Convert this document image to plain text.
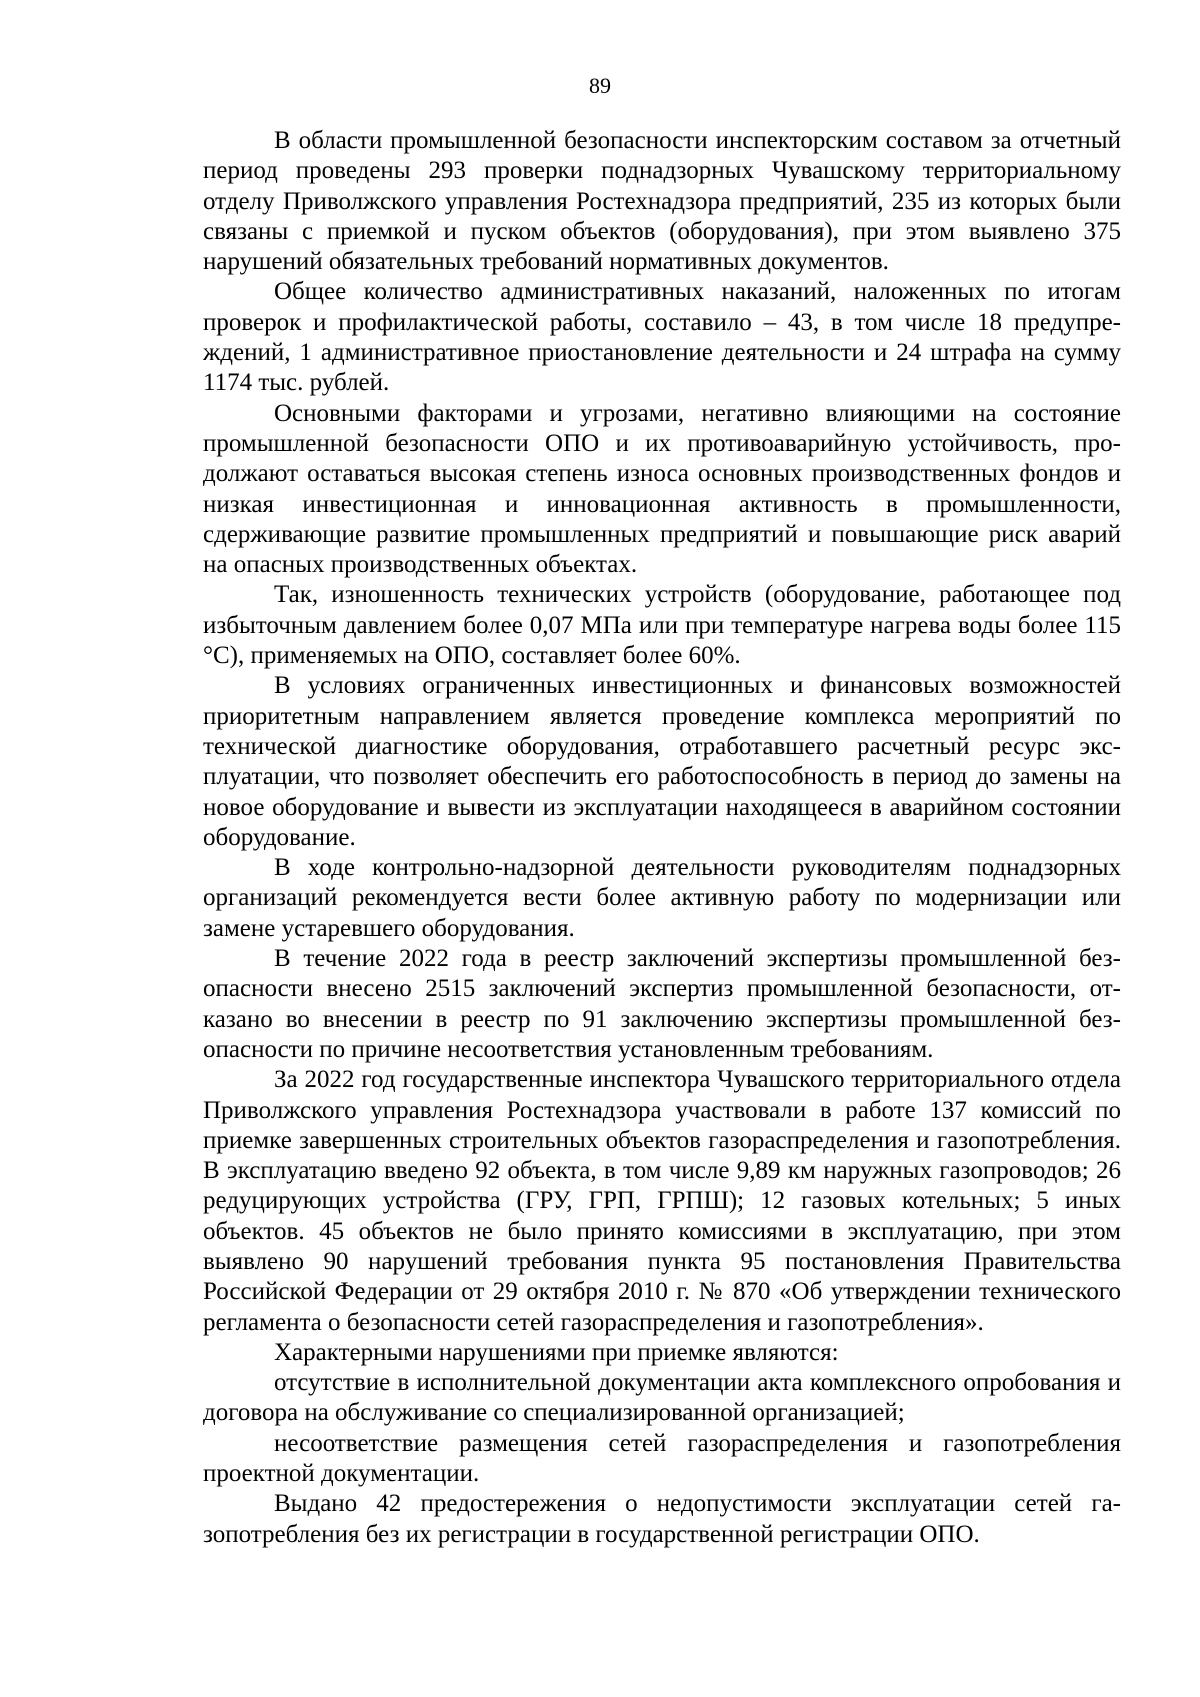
89

В области промышленной безопасности инспекторским составом за отчетный период проведены 293 проверки поднадзорных Чувашскому территориальному отделу Приволжского управления Ростехнадзора предприятий, 235 из которых были связаны с приемкой и пуском объектов (оборудования), при этом выявлено 375 нарушений обязательных требований нормативных документов.

Общее количество административных наказаний, наложенных по итогам проверок и профилактической работы, составило – 43, в том числе 18 предупреждений, 1 административное приостановление деятельности и 24 штрафа на сумму 1174 тыс. рублей.

Основными факторами и угрозами, негативно влияющими на состояние промышленной безопасности ОПО и их противоаварийную устойчивость, продолжают оставаться высокая степень износа основных производственных фондов и низкая инвестиционная и инновационная активность в промышленности, сдерживающие развитие промышленных предприятий и повышающие риск аварий на опасных производственных объектах.

Так, изношенность технических устройств (оборудование, работающее под избыточным давлением более 0,07 МПа или при температуре нагрева воды более 115 °С), применяемых на ОПО, составляет более 60%.

В условиях ограниченных инвестиционных и финансовых возможностей приоритетным направлением является проведение комплекса мероприятий по технической диагностике оборудования, отработавшего расчетный ресурс эксплуатации, что позволяет обеспечить его работоспособность в период до замены на новое оборудование и вывести из эксплуатации находящееся в аварийном состоянии оборудование.

В ходе контрольно-надзорной деятельности руководителям поднадзорных организаций рекомендуется вести более активную работу по модернизации или замене устаревшего оборудования.

В течение 2022 года в реестр заключений экспертизы промышленной безопасности внесено 2515 заключений экспертиз промышленной безопасности, отказано во внесении в реестр по 91 заключению экспертизы промышленной безопасности по причине несоответствия установленным требованиям.

За 2022 год государственные инспектора Чувашского территориального отдела Приволжского управления Ростехнадзора участвовали в работе 137 комиссий по приемке завершенных строительных объектов газораспределения и газопотребления. В эксплуатацию введено 92 объекта, в том числе 9,89 км наружных газопроводов; 26 редуцирующих устройства (ГРУ, ГРП, ГРПШ); 12 газовых котельных; 5 иных объектов. 45 объектов не было принято комиссиями в эксплуатацию, при этом выявлено 90 нарушений требования пункта 95 постановления Правительства Российской Федерации от 29 октября 2010 г. № 870 «Об утверждении технического регламента о безопасности сетей газораспределения и газопотребления».

Характерными нарушениями при приемке являются:

отсутствие в исполнительной документации акта комплексного опробования и договора на обслуживание со специализированной организацией;

несоответствие размещения сетей газораспределения и газопотребления проектной документации.

Выдано 42 предостережения о недопустимости эксплуатации сетей газопотребления без их регистрации в государственной регистрации ОПО.
